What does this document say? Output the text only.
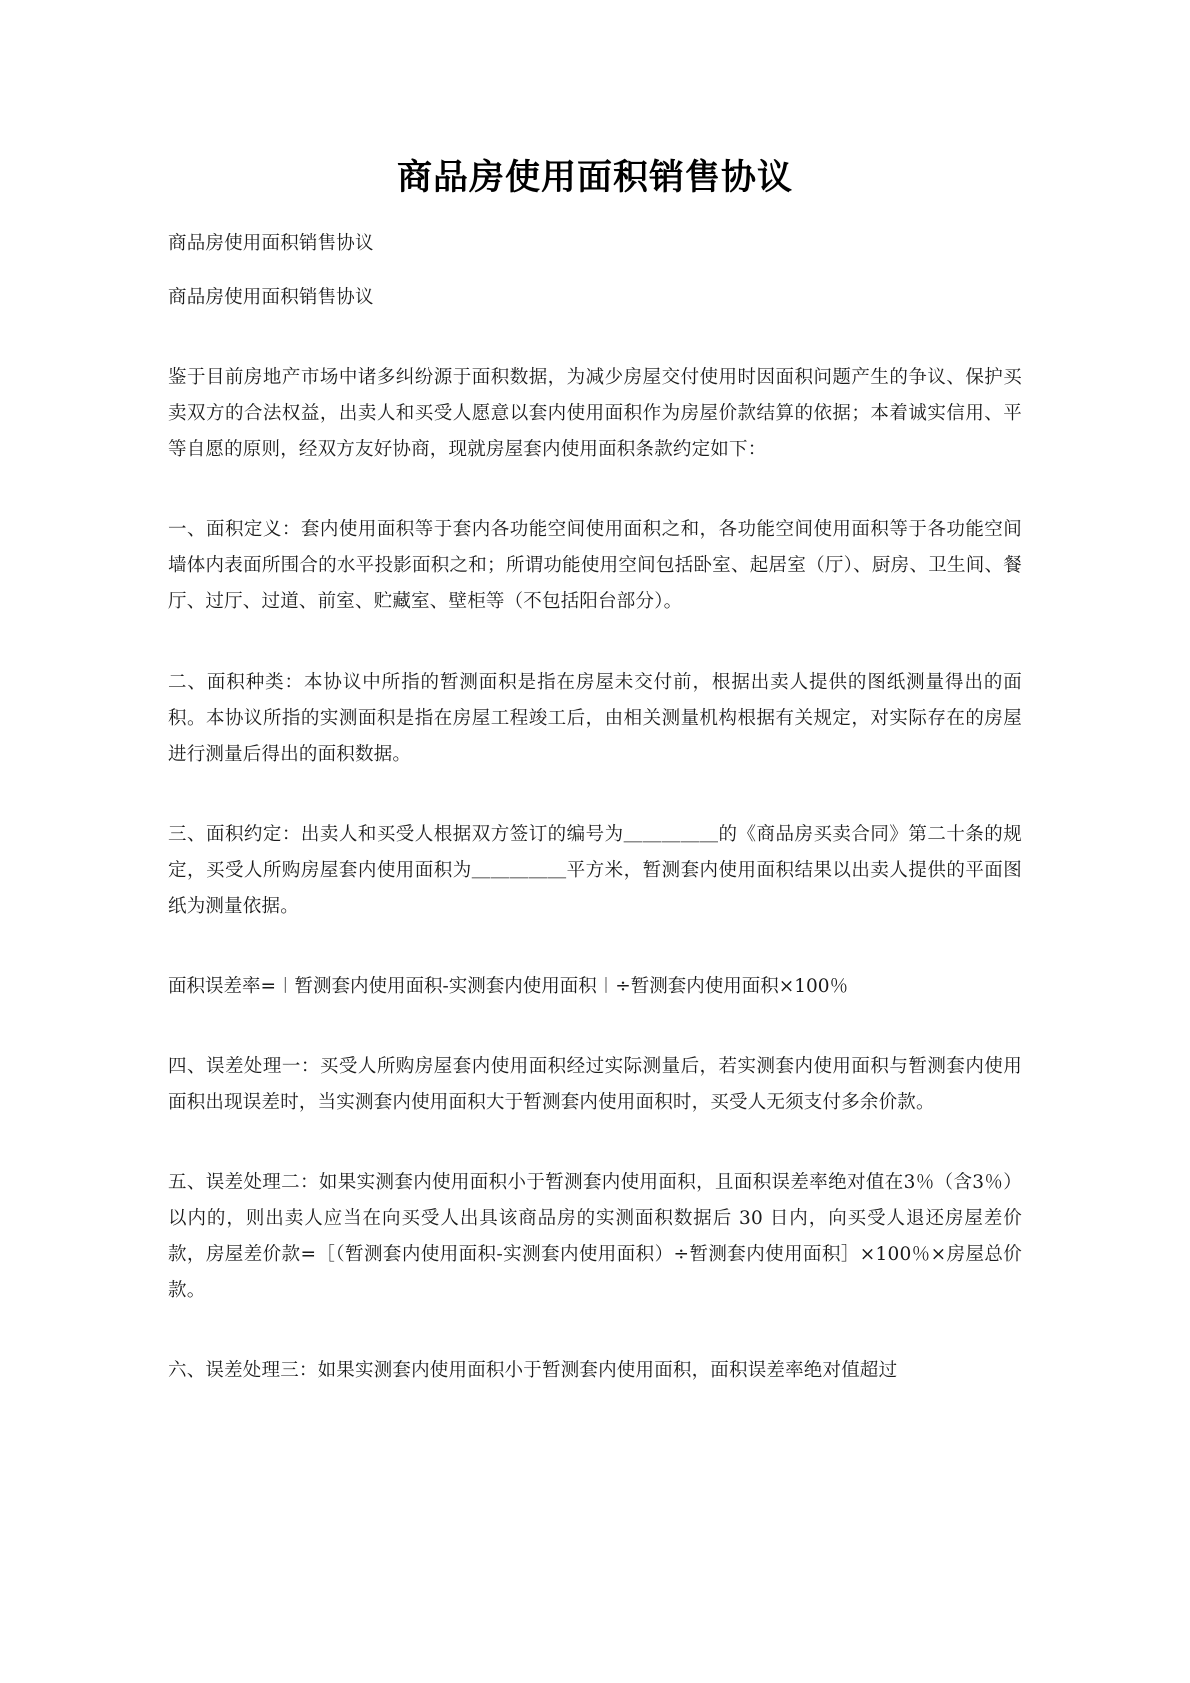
商品房使用面积销售协议

商品房使用面积销售协议

商品房使用面积销售协议

鉴于目前房地产市场中诸多纠纷源于面积数据，为减少房屋交付使用时因面积问题产生的争议、保护买卖双方的合法权益，出卖人和买受人愿意以套内使用面积作为房屋价款结算的依据；本着诚实信用、平等自愿的原则，经双方友好协商，现就房屋套内使用面积条款约定如下：

一、面积定义：套内使用面积等于套内各功能空间使用面积之和，各功能空间使用面积等于各功能空间墙体内表面所围合的水平投影面积之和；所谓功能使用空间包括卧室、起居室（厅）、厨房、卫生间、餐厅、过厅、过道、前室、贮藏室、壁柜等（不包括阳台部分）。

二、面积种类：本协议中所指的暂测面积是指在房屋未交付前，根据出卖人提供的图纸测量得出的面积。本协议所指的实测面积是指在房屋工程竣工后，由相关测量机构根据有关规定，对实际存在的房屋进行测量后得出的面积数据。

三、面积约定：出卖人和买受人根据双方签订的编号为＿＿＿＿＿的《商品房买卖合同》第二十条的规定，买受人所购房屋套内使用面积为＿＿＿＿＿平方米，暂测套内使用面积结果以出卖人提供的平面图纸为测量依据。

面积误差率=︱暂测套内使用面积-实测套内使用面积︱÷暂测套内使用面积×100％

四、误差处理一：买受人所购房屋套内使用面积经过实际测量后，若实测套内使用面积与暂测套内使用面积出现误差时，当实测套内使用面积大于暂测套内使用面积时，买受人无须支付多余价款。

五、误差处理二：如果实测套内使用面积小于暂测套内使用面积，且面积误差率绝对值在3％（含3％）以内的，则出卖人应当在向买受人出具该商品房的实测面积数据后 30 日内，向买受人退还房屋差价款，房屋差价款=［（暂测套内使用面积-实测套内使用面积）÷暂测套内使用面积］×100％×房屋总价款。

六、误差处理三：如果实测套内使用面积小于暂测套内使用面积，面积误差率绝对值超过
